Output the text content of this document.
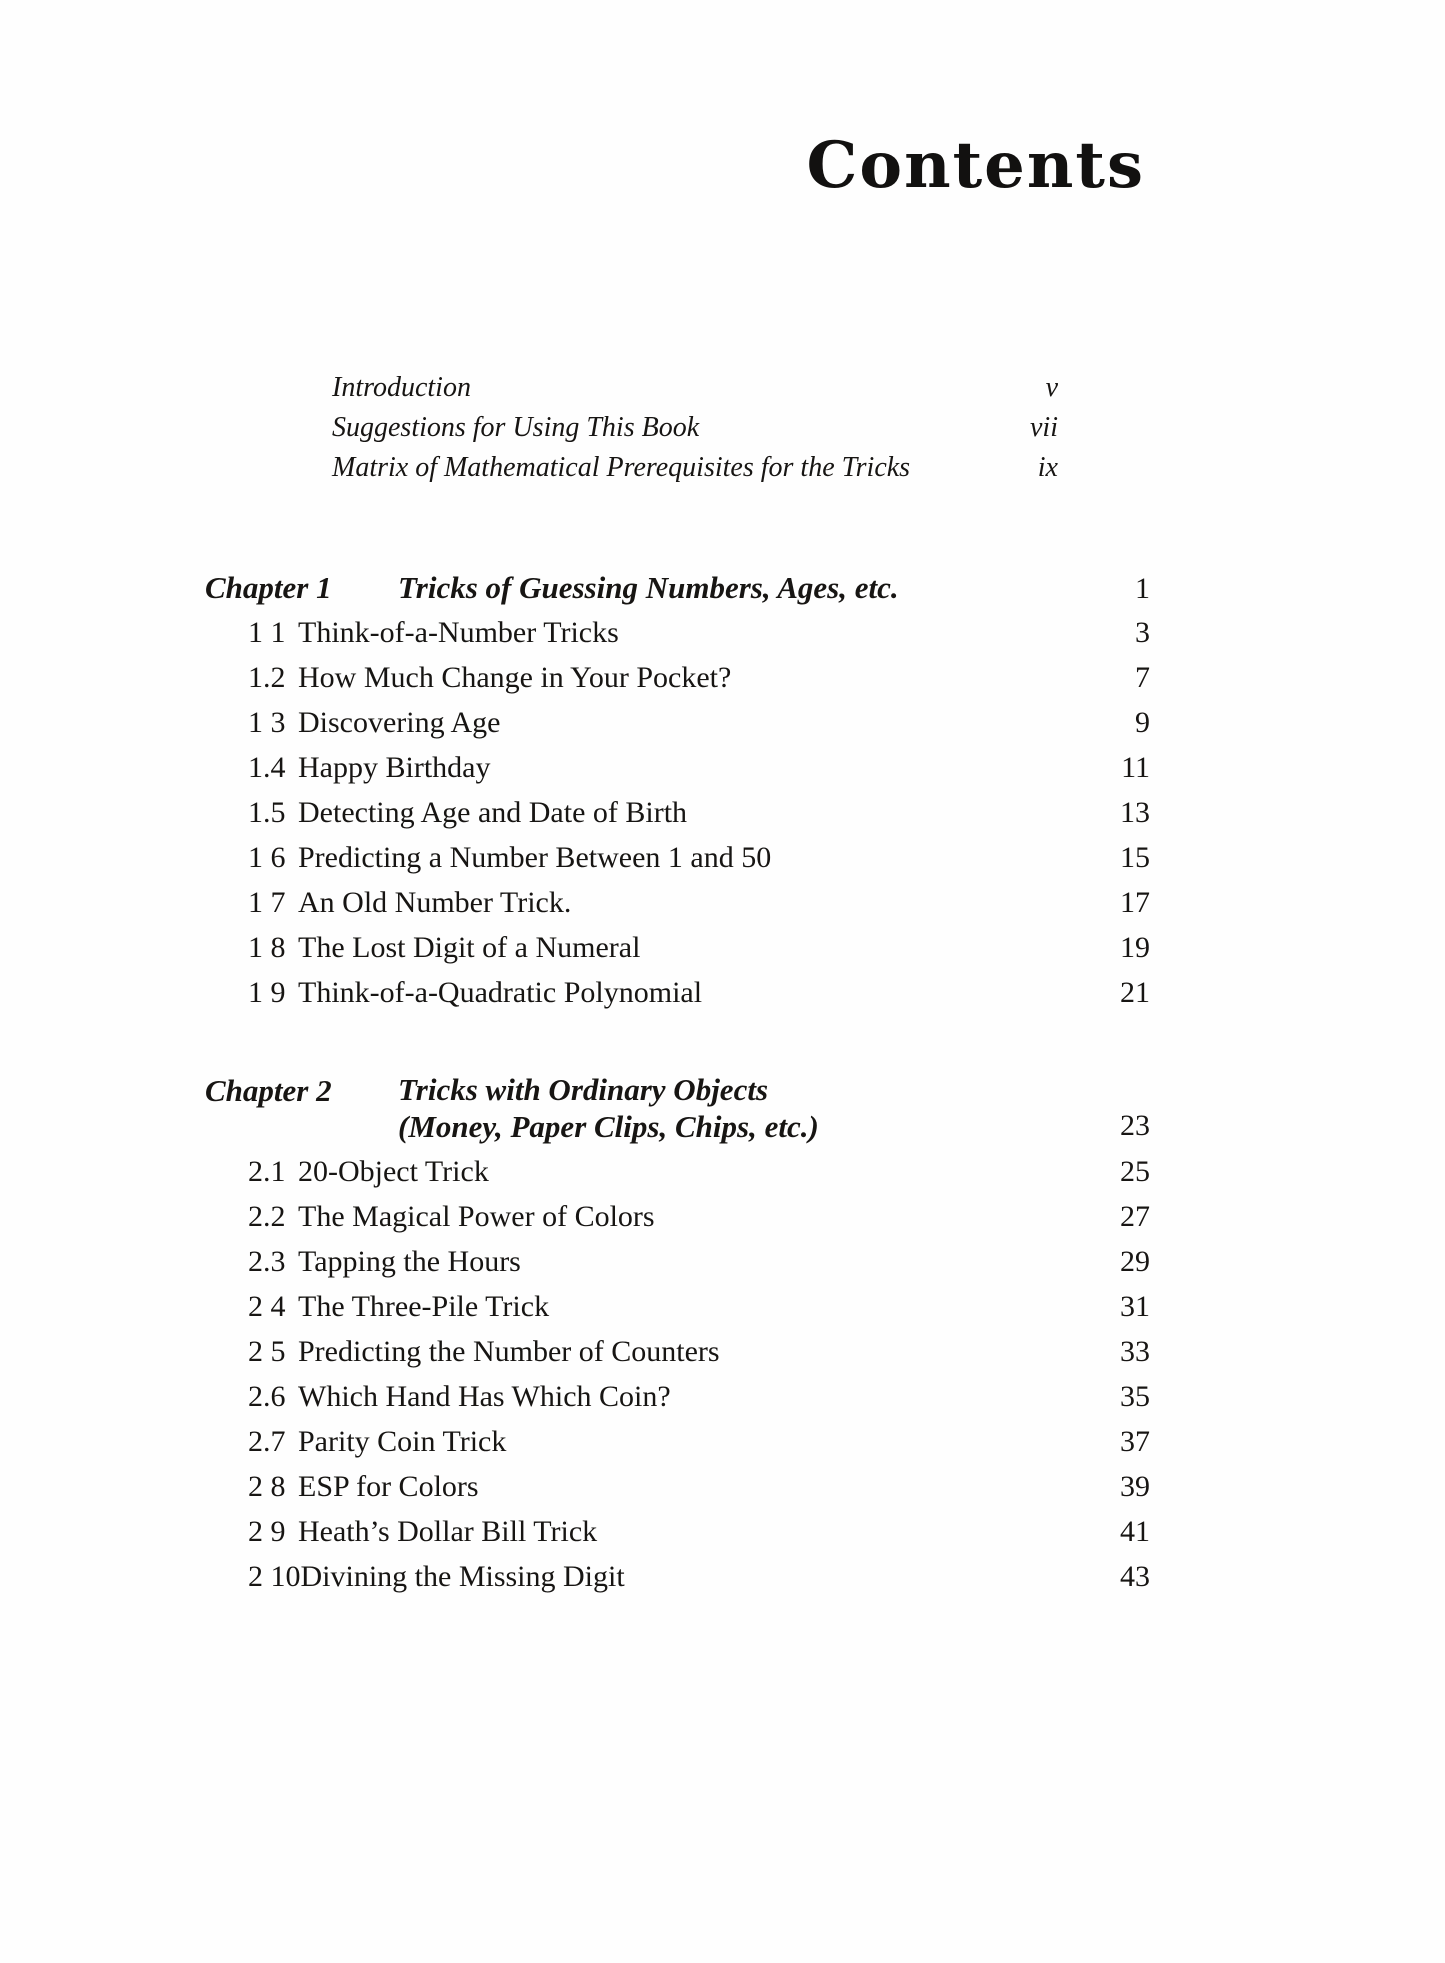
Contents
Introduction	v
Suggestions for Using This Book	vii
Matrix of Mathematical Prerequisites for the Tricks	ix
Chapter 1	Tricks of Guessing Numbers, Ages, etc.	1
1 1 Think-of-a-Number Tricks	3
1.2 How Much Change in Your Pocket?	7
1 3 Discovering Age	9
1.4 Happy Birthday	11
1.5 Detecting Age and Date of Birth	13
1 6 Predicting a Number Between 1 and 50	15
1 7 An Old Number Trick.	17
1 8 The Lost Digit of a Numeral	19
1 9 Think-of-a-Quadratic Polynomial	21
Chapter 2	Tricks with Ordinary Objects
(Money, Paper Clips, Chips, etc.)	23
2.1 20-Object Trick	25
2.2 The Magical Power of Colors	27
2.3 Tapping the Hours	29
2 4 The Three-Pile Trick	31
2 5 Predicting the Number of Counters	33
2.6 Which Hand Has Which Coin?	35
2.7 Parity Coin Trick	37
2 8 ESP for Colors	39
2 9 Heath’s Dollar Bill Trick	41
2 10 Divining the Missing Digit	43
